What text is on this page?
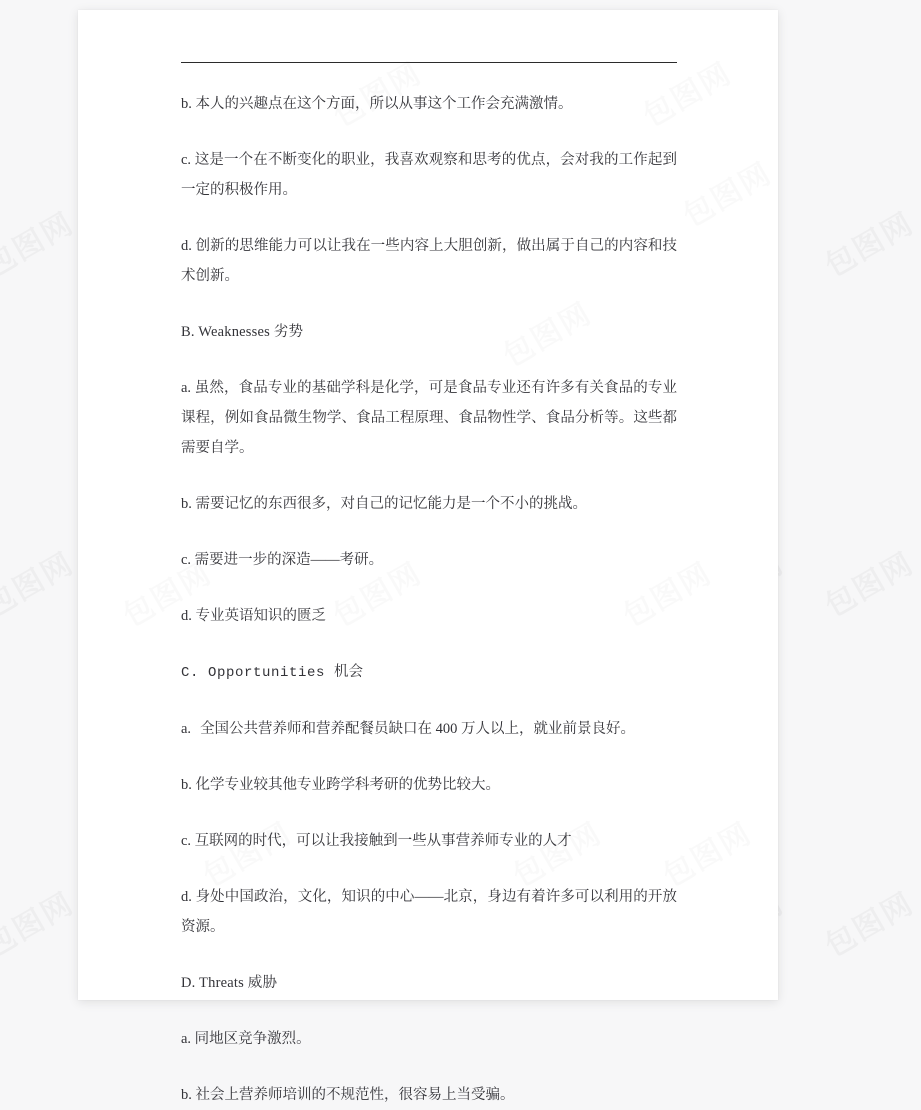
b. 本人的兴趣点在这个方面，所以从事这个工作会充满激情。

c. 这是一个在不断变化的职业，我喜欢观察和思考的优点，会对我的工作起到一定的积极作用。

d. 创新的思维能力可以让我在一些内容上大胆创新，做出属于自己的内容和技术创新。

B. Weaknesses 劣势

a. 虽然，食品专业的基础学科是化学，可是食品专业还有许多有关食品的专业课程，例如食品微生物学、食品工程原理、食品物性学、食品分析等。这些都需要自学。

b. 需要记忆的东西很多，对自己的记忆能力是一个不小的挑战。

c. 需要进一步的深造——考研。

d. 专业英语知识的匮乏

C. Opportunities 机会

a. 全国公共营养师和营养配餐员缺口在 400 万人以上，就业前景良好。

b. 化学专业较其他专业跨学科考研的优势比较大。

c. 互联网的时代，可以让我接触到一些从事营养师专业的人才

d. 身处中国政治，文化，知识的中心——北京，身边有着许多可以利用的开放资源。

D. Threats 威胁

a. 同地区竞争激烈。

b. 社会上营养师培训的不规范性，很容易上当受骗。
